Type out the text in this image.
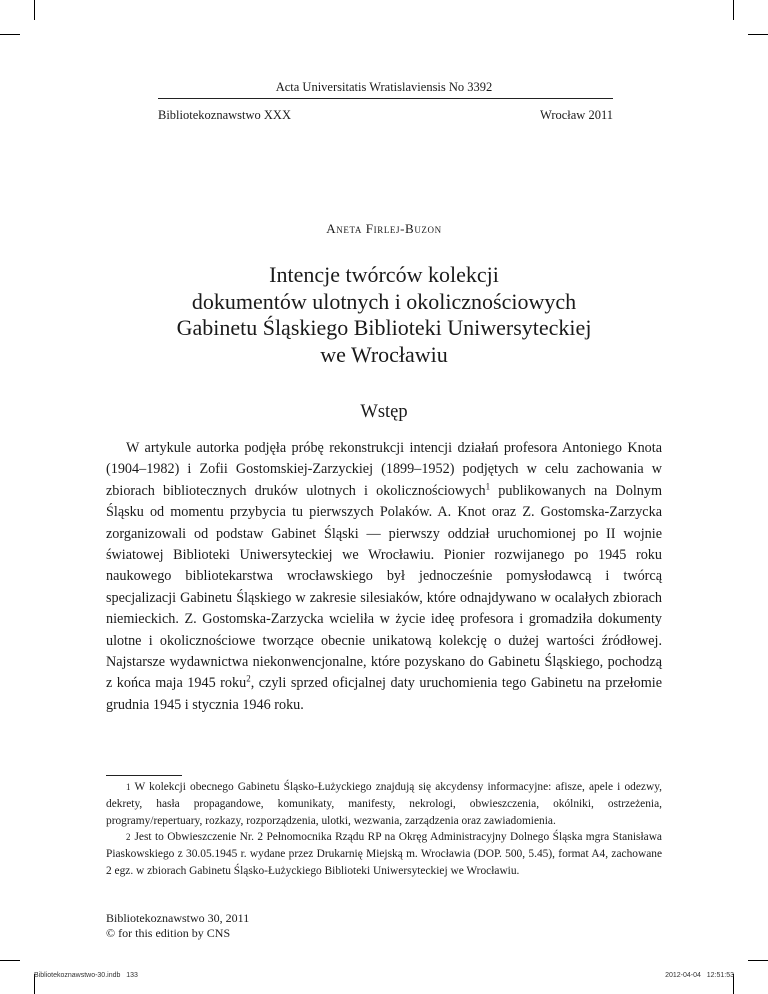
Acta Universitatis Wratislaviensis No 3392
Bibliotekoznawstwo XXX	Wrocław 2011
Aneta Firlej-Buzon
Intencje twórców kolekcji
dokumentów ulotnych i okolicznościowych
Gabinetu Śląskiego Biblioteki Uniwersyteckiej
we Wrocławiu
Wstęp
W artykule autorka podjęła próbę rekonstrukcji intencji działań profesora Antoniego Knota (1904–1982) i Zofii Gostomskiej-Zarzyckiej (1899–1952) podjętych w celu zachowania w zbiorach bibliotecznych druków ulotnych i okolicznościowych$^1$ publikowanych na Dolnym Śląsku od momentu przybycia tu pierwszych Polaków. A. Knot oraz Z. Gostomska-Zarzycka zorganizowali od podstaw Gabinet Śląski — pierwszy oddział uruchomionej po II wojnie światowej Biblioteki Uniwersyteckiej we Wrocławiu. Pionier rozwijanego po 1945 roku naukowego bibliotekarstwa wrocławskiego był jednocześnie pomysłodawcą i twórcą specjalizacji Gabinetu Śląskiego w zakresie silesiaków, które odnajdywano w ocalałych zbiorach niemieckich. Z. Gostomska-Zarzycka wcieliła w życie ideę profesora i gromadziła dokumenty ulotne i okolicznościowe tworzące obecnie unikatową kolekcję o dużej wartości źródłowej. Najstarsze wydawnictwa niekonwencjonalne, które pozyskano do Gabinetu Śląskiego, pochodzą z końca maja 1945 roku$^2$, czyli sprzed oficjalnej daty uruchomienia tego Gabinetu na przełomie grudnia 1945 i stycznia 1946 roku.

$^1$ W kolekcji obecnego Gabinetu Śląsko-Łużyckiego znajdują się akcydensy informacyjne: afisze, apele i odezwy, dekrety, hasła propagandowe, komunikaty, manifesty, nekrologi, obwieszczenia, okólniki, ostrzeżenia, programy/repertuary, rozkazy, rozporządzenia, ulotki, wezwania, zarządzenia oraz zawiadomienia.

$^2$ Jest to Obwieszczenie Nr. 2 Pełnomocnika Rządu RP na Okręg Administracyjny Dolnego Śląska mgra Stanisława Piaskowskiego z 30.05.1945 r. wydane przez Drukarnię Miejską m. Wrocławia (DOP. 500, 5.45), format A4, zachowane 2 egz. w zbiorach Gabinetu Śląsko-Łużyckiego Biblioteki Uniwersyteckiej we Wrocławiu.

Bibliotekoznawstwo 30, 2011
© for this edition by CNS
Bibliotekoznawstwo-30.indb   133	2012-04-04   12:51:53
